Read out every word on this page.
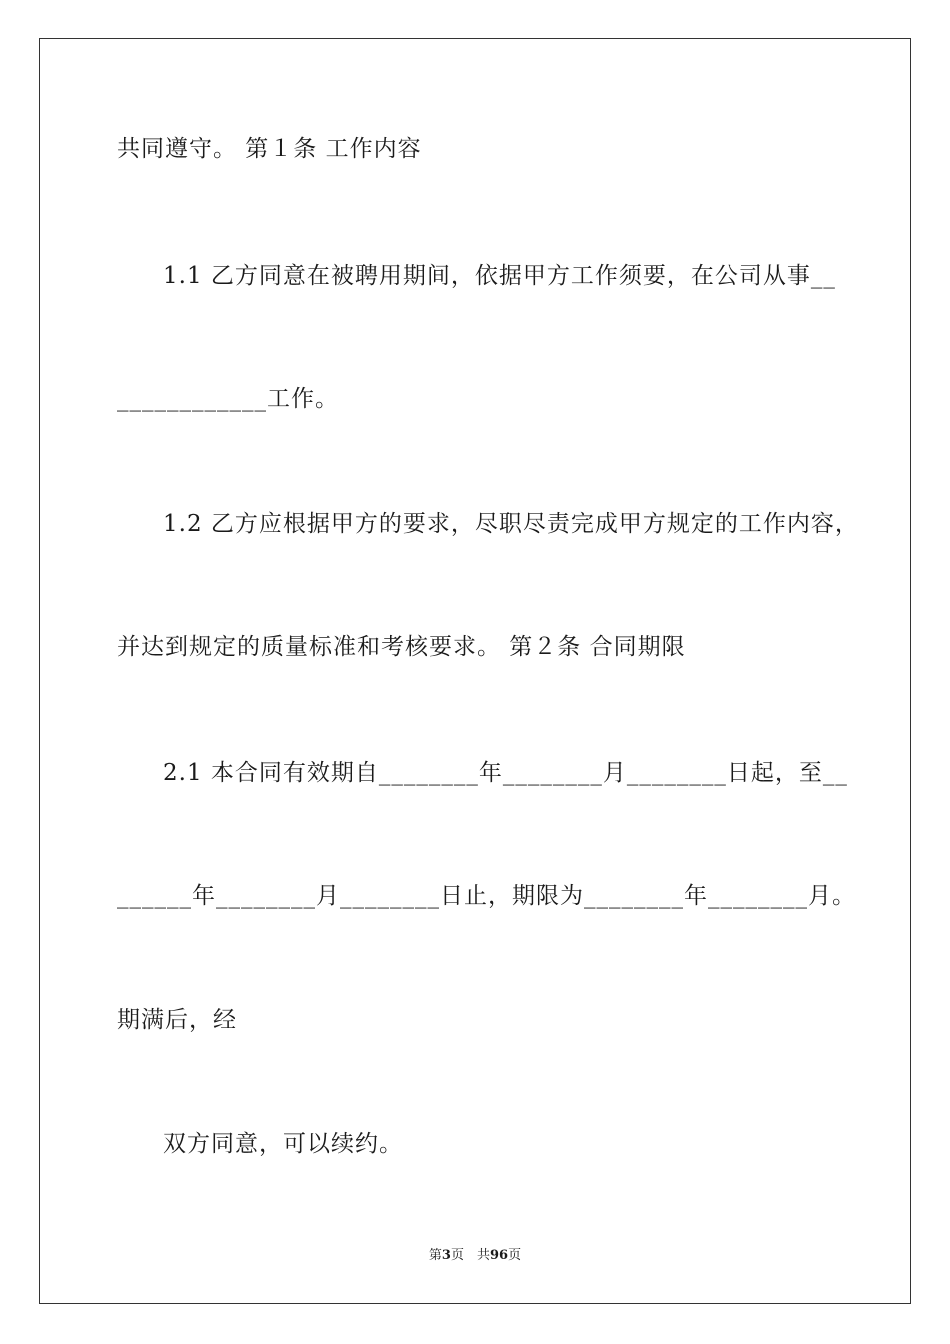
共同遵守。 第１条 工作内容
1.1 乙方同意在被聘用期间，依据甲方工作须要，在公司从事__
____________工作。
1.2 乙方应根据甲方的要求，尽职尽责完成甲方规定的工作内容，
并达到规定的质量标准和考核要求。 第２条 合同期限
2.1 本合同有效期自________年________月________日起，至__
______年________月________日止，期限为________年________月。
期满后，经
双方同意，可以续约。
第3页  共96页
